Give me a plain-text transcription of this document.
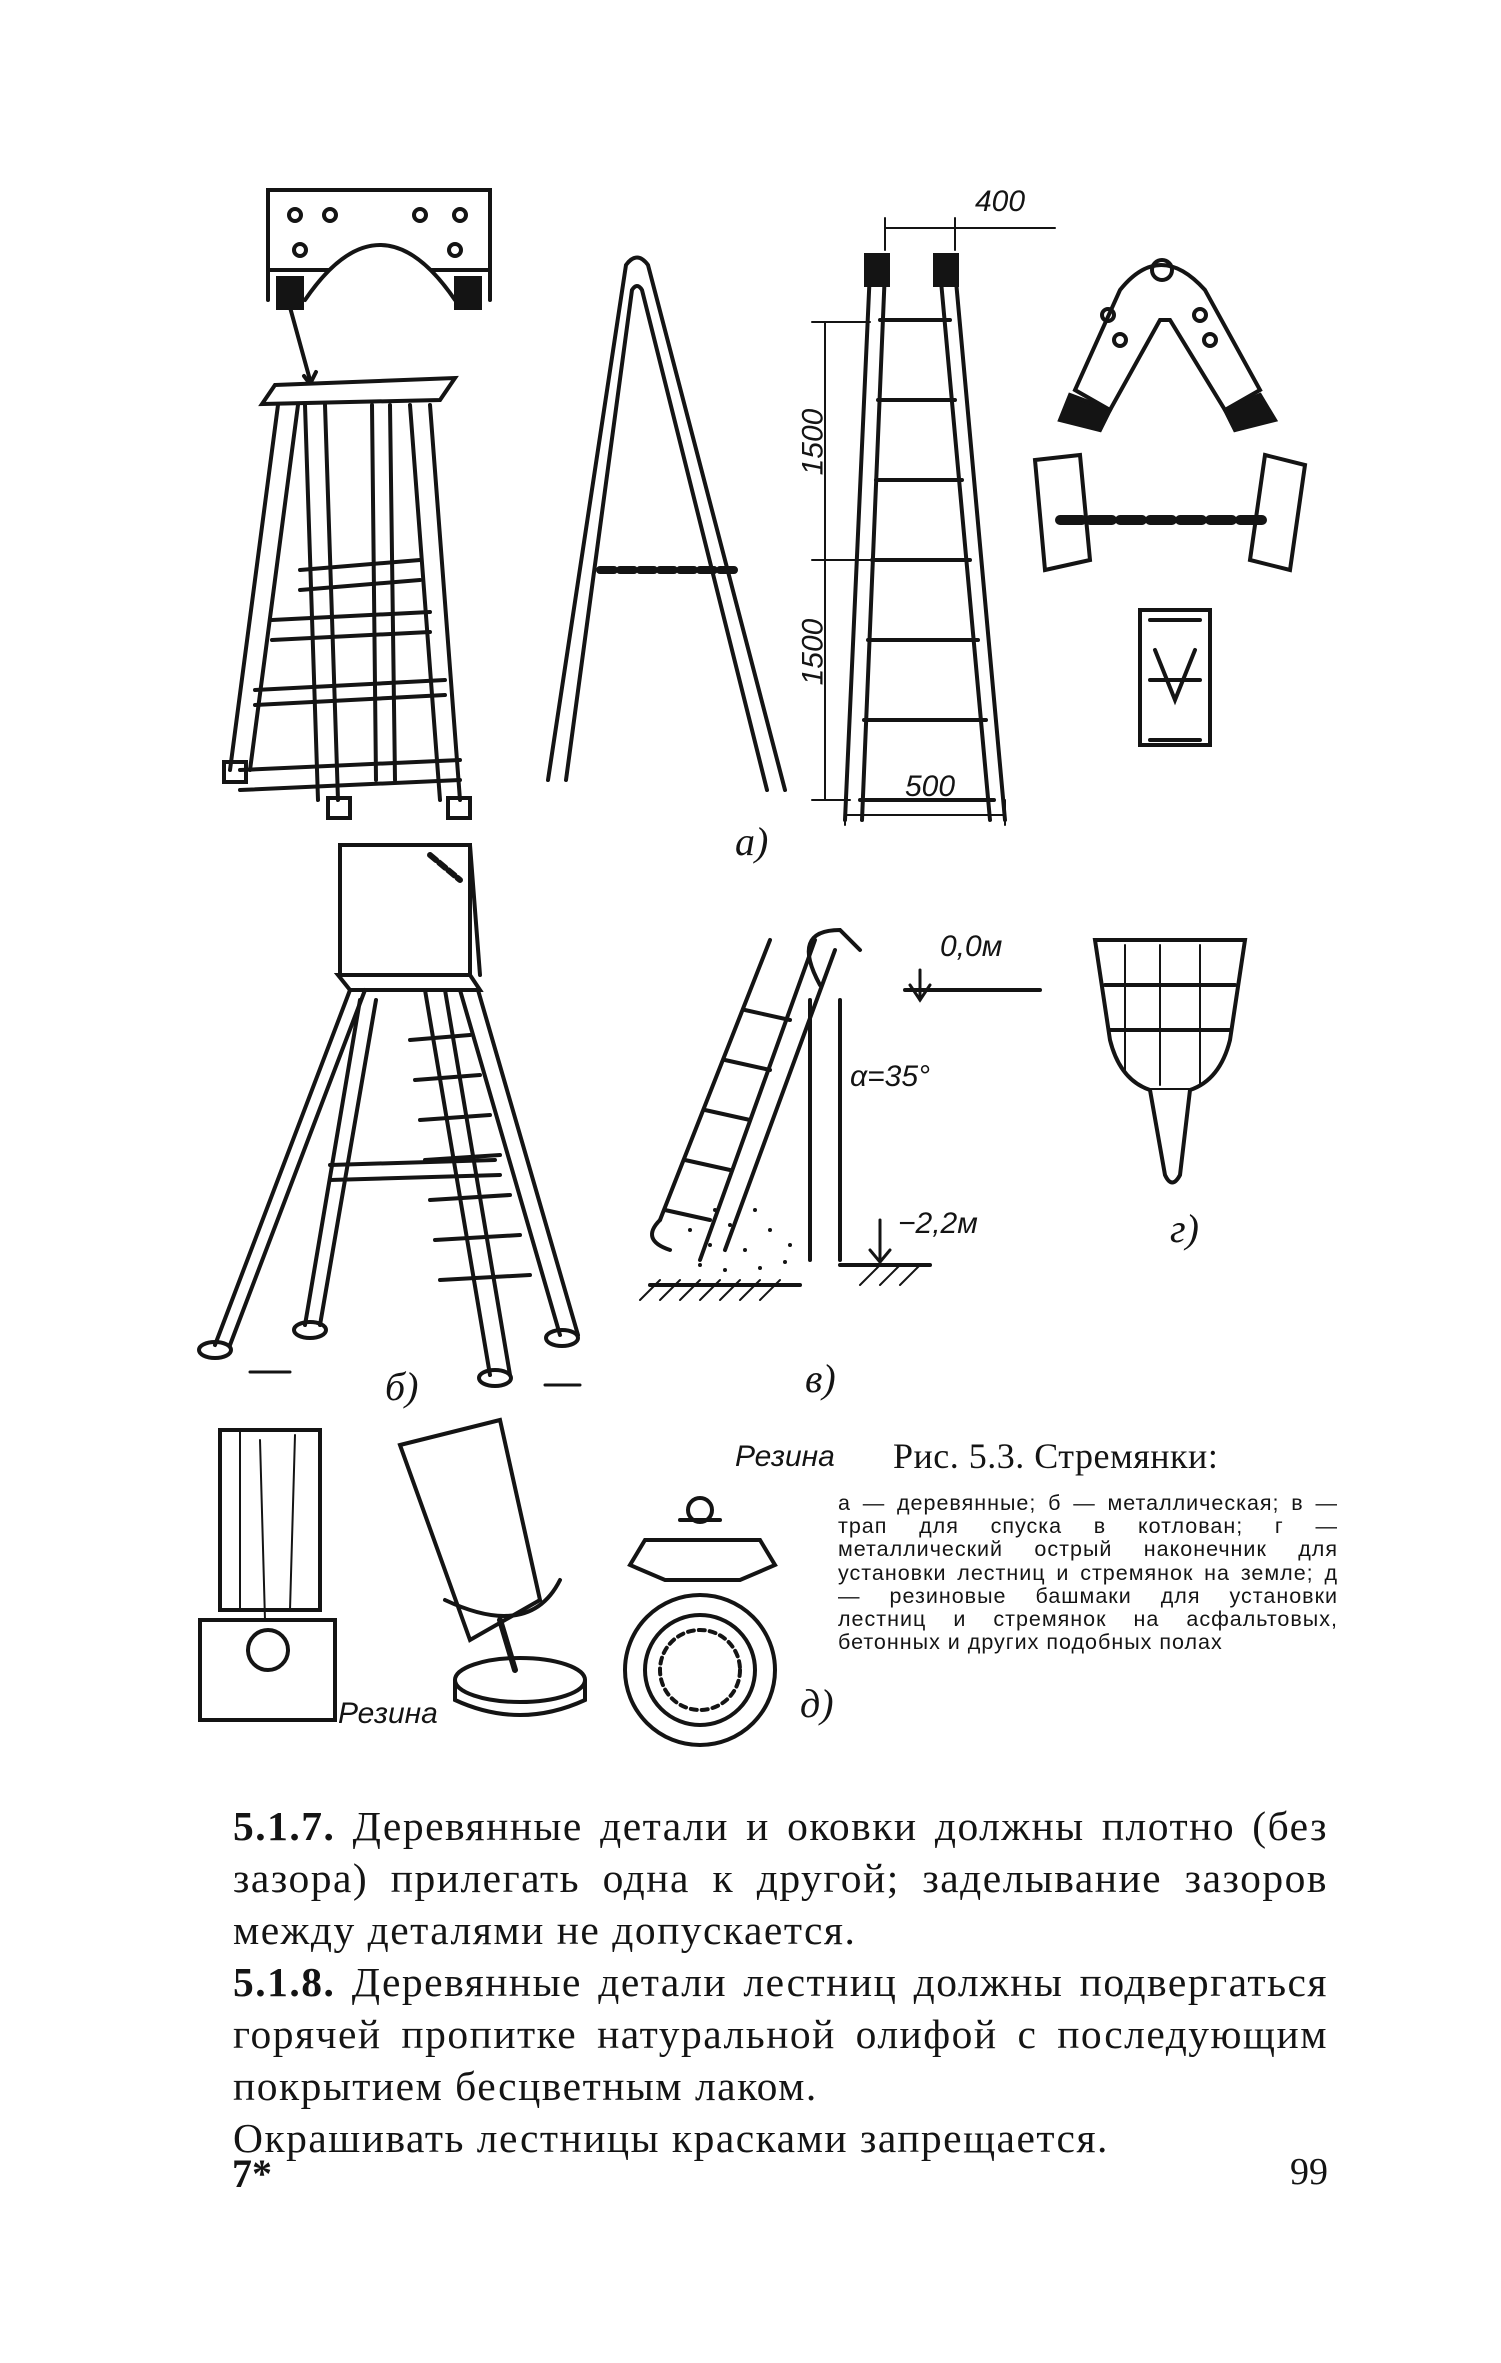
а)
б)	в)
г)
д)
400
1500
1500
500
0,0м
α=35°
−2,2м
Резина
Резина
Рис. 5.3. Стремянки:
а — деревянные; б — металлическая; в — трап для спуска в котлован; г — металлический острый наконечник для установки лестниц и стремянок на земле; д — резиновые башмаки для установки лестниц и стремянок на асфальтовых, бетонных и других подобных полах

5.1.7. Деревянные детали и оковки должны плотно (без зазора) прилегать одна к другой; заделывание зазоров между деталями не допускается.

5.1.8. Деревянные детали лестниц должны подвергаться горячей пропитке натуральной олифой с последующим покрытием бесцветным лаком.

Окрашивать лестницы красками запрещается.

7*	99
